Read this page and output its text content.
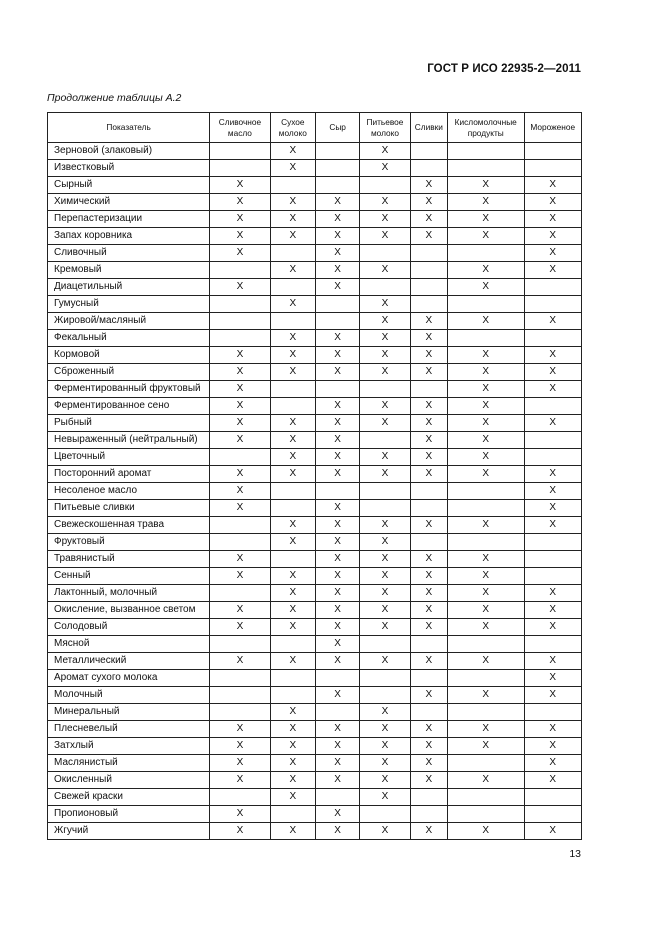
ГОСТ Р ИСО 22935-2—2011
Продолжение таблицы А.2
Показатель	Сливочное масло	Сухое молоко	Сыр	Питьевое молоко	Сливки	Кисломолочные продукты	Мороженое
Зерновой (злаковый)		X		X			
Известковый		X		X			
Сырный	X				X	X	X
Химический	X	X	X	X	X	X	X
Перепастеризации	X	X	X	X	X	X	X
Запах коровника	X	X	X	X	X	X	X
Сливочный	X		X				X
Кремовый		X	X	X		X	X
Диацетильный	X		X			X	
Гумусный		X		X			
Жировой/масляный				X	X	X	X
Фекальный		X	X	X	X		
Кормовой	X	X	X	X	X	X	X
Сброженный	X	X	X	X	X	X	X
Ферментированный фруктовый	X					X	X
Ферментированное сено	X		X	X	X	X	
Рыбный	X	X	X	X	X	X	X
Невыраженный (нейтральный)	X	X	X		X	X	
Цветочный		X	X	X	X	X	
Посторонний аромат	X	X	X	X	X	X	X
Несоленое масло	X						X
Питьевые сливки	X		X				X
Свежескошенная трава		X	X	X	X	X	X
Фруктовый		X	X	X			
Травянистый	X		X	X	X	X	
Сенный	X	X	X	X	X	X	
Лактонный, молочный		X	X	X	X	X	X
Окисление, вызванное светом	X	X	X	X	X	X	X
Солодовый	X	X	X	X	X	X	X
Мясной			X				
Металлический	X	X	X	X	X	X	X
Аромат сухого молока							X
Молочный			X		X	X	X
Минеральный		X		X			
Плесневелый	X	X	X	X	X	X	X
Затхлый	X	X	X	X	X	X	X
Маслянистый	X	X	X	X	X		X
Окисленный	X	X	X	X	X	X	X
Свежей краски		X		X			
Пропионовый	X		X				
Жгучий	X	X	X	X	X	X	X
13
